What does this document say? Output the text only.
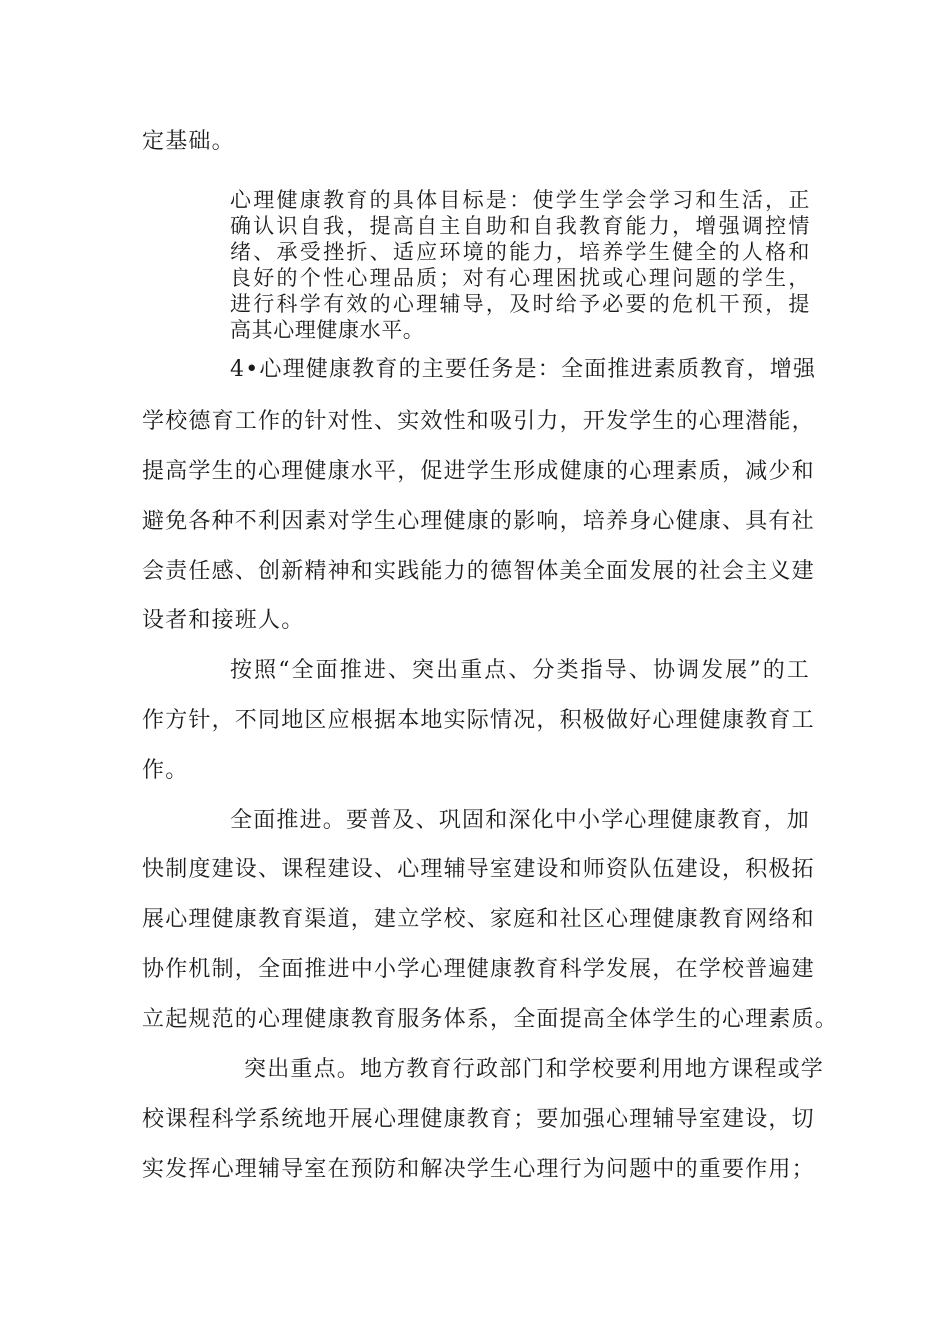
定基础。
心理健康教育的具体目标是：使学生学会学习和生活，正
确认识自我，提高自主自助和自我教育能力，增强调控情
绪、承受挫折、适应环境的能力，培养学生健全的人格和
良好的个性心理品质；对有心理困扰或心理问题的学生，
进行科学有效的心理辅导，及时给予必要的危机干预，提
高其心理健康水平。
4•心理健康教育的主要任务是：全面推进素质教育，增强
学校德育工作的针对性、实效性和吸引力，开发学生的心理潜能，
提高学生的心理健康水平，促进学生形成健康的心理素质，减少和
避免各种不利因素对学生心理健康的影响，培养身心健康、具有社
会责任感、创新精神和实践能力的德智体美全面发展的社会主义建
设者和接班人。
按照“全面推进、突出重点、分类指导、协调发展”的工
作方针，不同地区应根据本地实际情况，积极做好心理健康教育工
作。
全面推进。要普及、巩固和深化中小学心理健康教育，加
快制度建设、课程建设、心理辅导室建设和师资队伍建设，积极拓
展心理健康教育渠道，建立学校、家庭和社区心理健康教育网络和
协作机制，全面推进中小学心理健康教育科学发展，在学校普遍建
立起规范的心理健康教育服务体系，全面提高全体学生的心理素质。
突出重点。地方教育行政部门和学校要利用地方课程或学
校课程科学系统地开展心理健康教育；要加强心理辅导室建设，切
实发挥心理辅导室在预防和解决学生心理行为问题中的重要作用；
